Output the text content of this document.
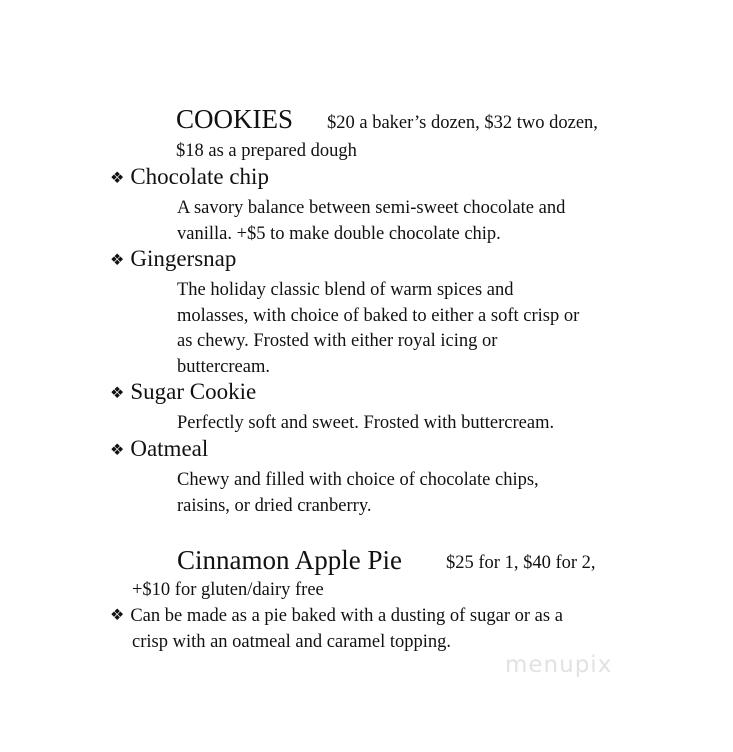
COOKIES $20 a baker’s dozen, $32 two dozen,
$18 as a prepared dough
❖ Chocolate chip
A savory balance between semi-sweet chocolate and
vanilla. +$5 to make double chocolate chip.
❖ Gingersnap
The holiday classic blend of warm spices and
molasses, with choice of baked to either a soft crisp or
as chewy. Frosted with either royal icing or
buttercream.
❖ Sugar Cookie
Perfectly soft and sweet. Frosted with buttercream.
❖ Oatmeal
Chewy and filled with choice of chocolate chips,
raisins, or dried cranberry.
Cinnamon Apple Pie $25 for 1, $40 for 2,
+$10 for gluten/dairy free
❖ Can be made as a pie baked with a dusting of sugar or as a
crisp with an oatmeal and caramel topping.
menupix
